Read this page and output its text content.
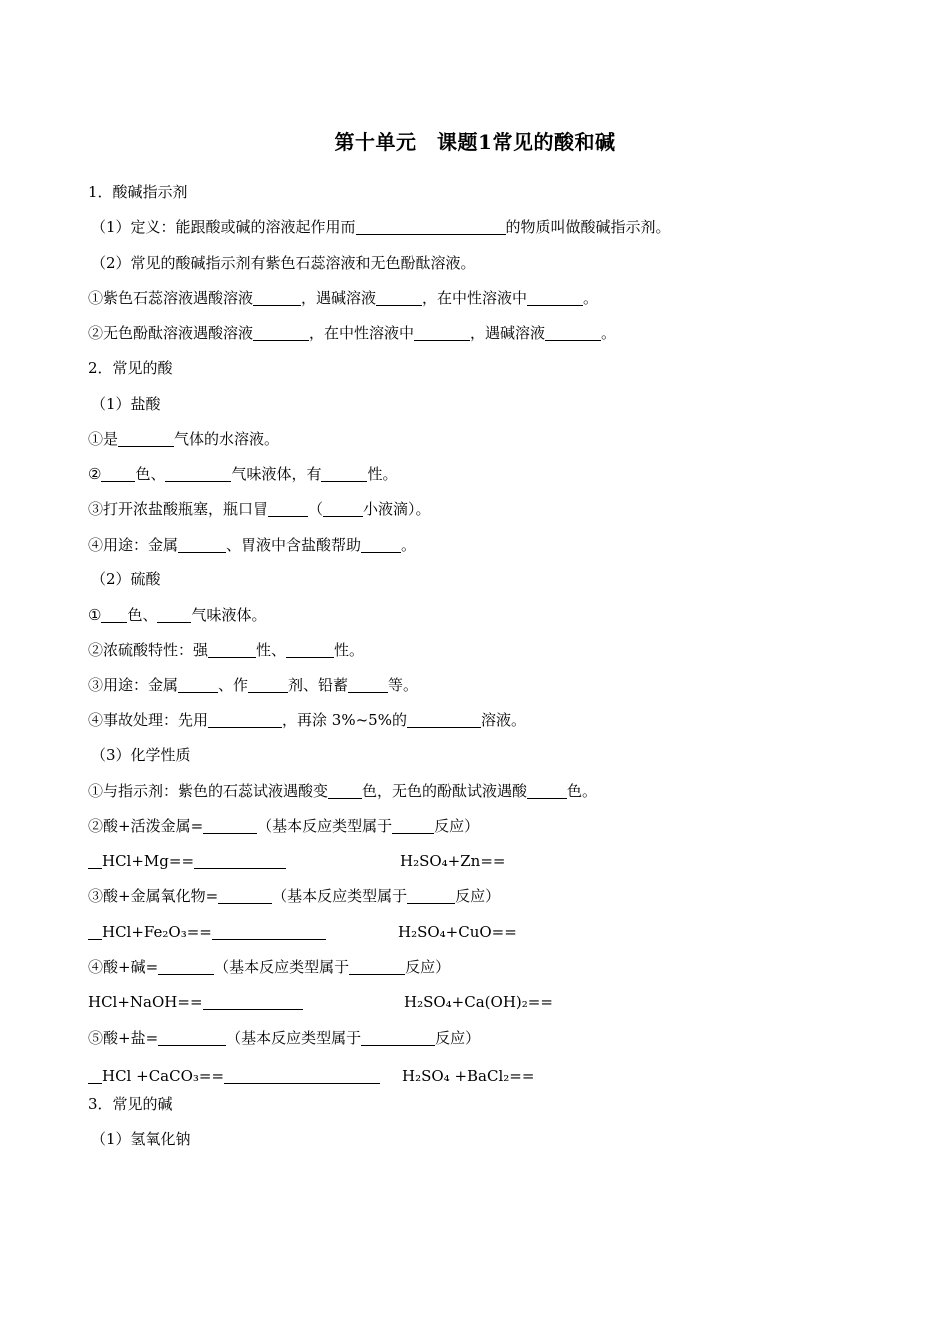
第十单元　课题1常见的酸和碱
1．酸碱指示剂
（1）定义：能跟酸或碱的溶液起作用而	的物质叫做酸碱指示剂。
（2）常见的酸碱指示剂有紫色石蕊溶液和无色酚酞溶液。
①紫色石蕊溶液遇酸溶液	，遇碱溶液	，在中性溶液中	。
②无色酚酞溶液遇酸溶液	，在中性溶液中	，遇碱溶液	。
2．常见的酸
（1）盐酸
①是	气体的水溶液。
② 色、	气味液体，有	性。
③打开浓盐酸瓶塞，瓶口冒	（	小液滴）。
④用途：金属	、胃液中含盐酸帮助	。
（2）硫酸
① 色、 气味液体。
②浓硫酸特性：强	性、	性。
③用途：金属	、作	剂、铅蓄	等。
④事故处理：先用	，再涂 3%~5%的	溶液。
（3）化学性质
①与指示剂：紫色的石蕊试液遇酸变 色，无色的酚酞试液遇酸	色。
②酸+活泼金属=	（基本反应类型属于	反应）
HCl+Mg==	H₂SO₄+Zn==
③酸+金属氧化物=	（基本反应类型属于	反应）
HCl+Fe₂O₃==	H₂SO₄+CuO==
④酸+碱=	（基本反应类型属于	反应）
HCl+NaOH==	H₂SO₄+Ca(OH)₂==
⑤酸+盐=	（基本反应类型属于	反应）
HCl +CaCO₃==	H₂SO₄ +BaCl₂==
3．常见的碱
（1）氢氧化钠
